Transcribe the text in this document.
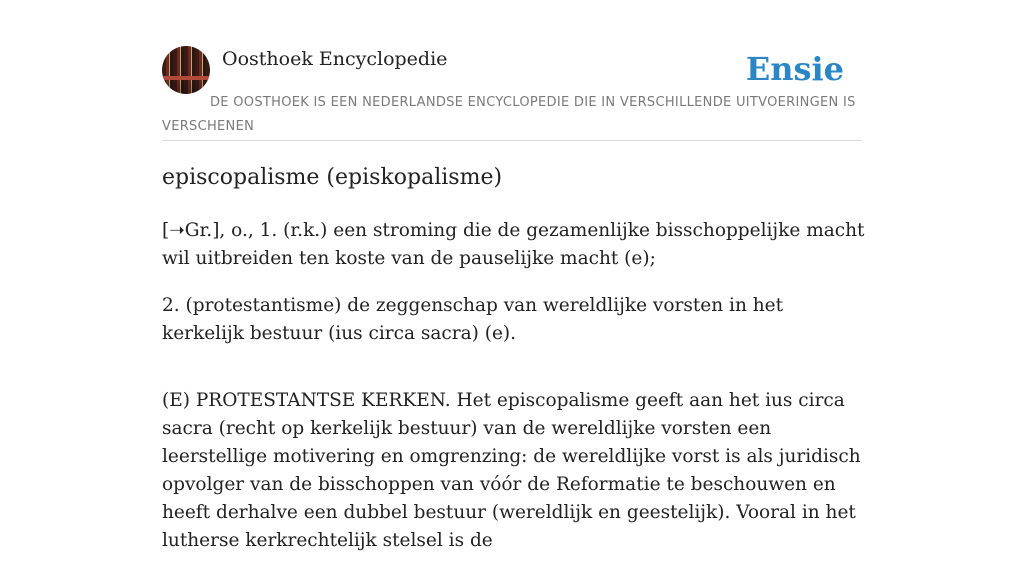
Oosthoek Encyclopedie	Ensie
DE OOSTHOEK IS EEN NEDERLANDSE ENCYCLOPEDIE DIE IN VERSCHILLENDE UITVOERINGEN IS VERSCHENEN
episcopalisme (episkopalisme)

[➝Gr.], o., 1. (r.k.) een stroming die de gezamenlijke bisschoppelijke macht wil uitbreiden ten koste van de pauselijke macht (e);

2. (protestantisme) de zeggenschap van wereldlijke vorsten in het kerkelijk bestuur (ius circa sacra) (e).

(E) PROTESTANTSE KERKEN. Het episcopalisme geeft aan het ius circa sacra (recht op kerkelijk bestuur) van de wereldlijke vorsten een leerstellige motivering en omgrenzing: de wereldlijke vorst is als juridisch opvolger van de bisschoppen van vóór de Reformatie te beschouwen en heeft derhalve een dubbel bestuur (wereldlijk en geestelijk). Vooral in het lutherse kerkrechtelijk stelsel is de
